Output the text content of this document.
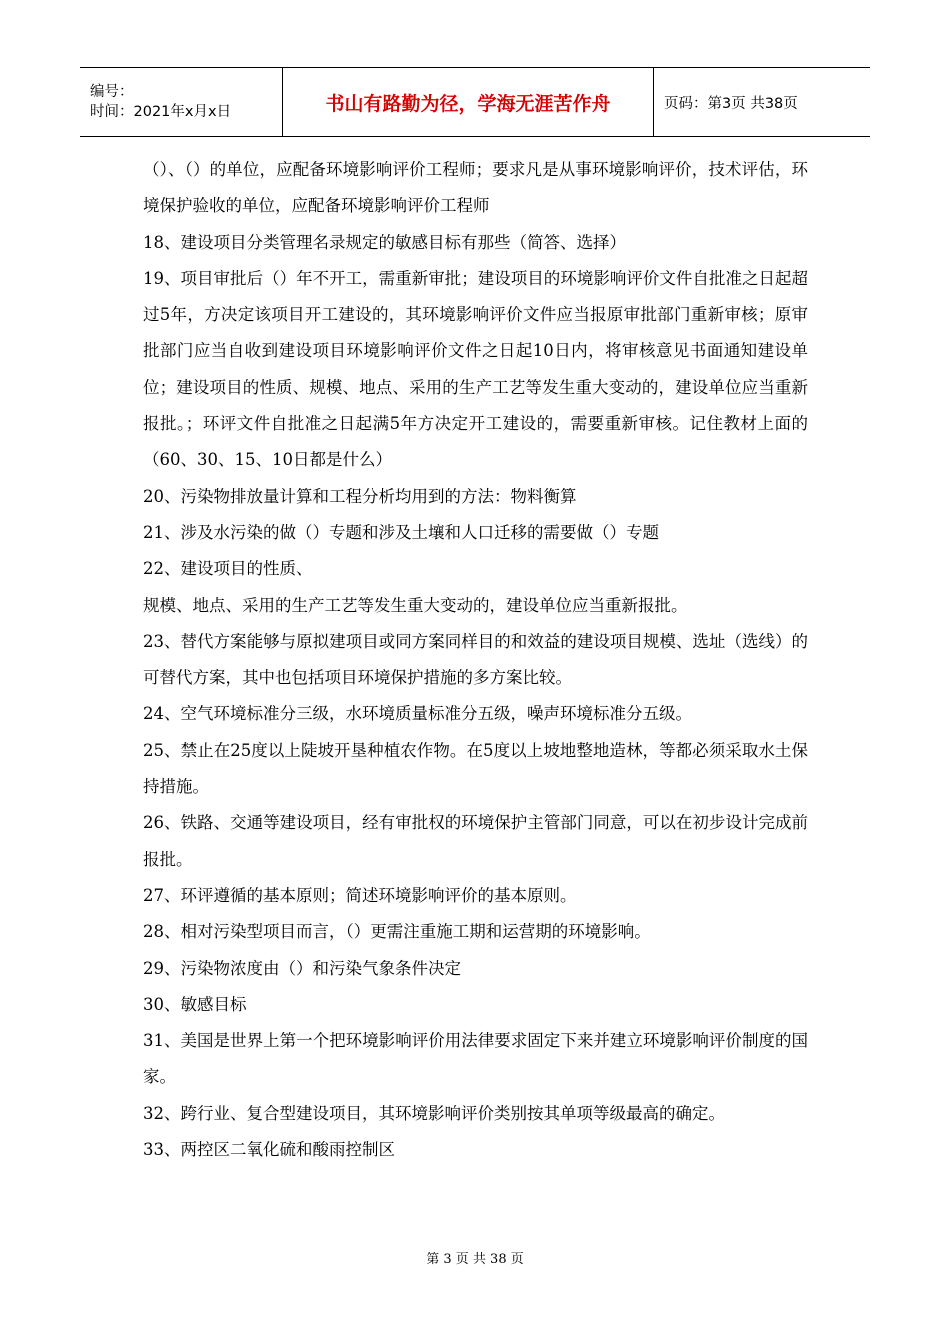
编号：
时间：2021年x月x日	书山有路勤为径，学海无涯苦作舟	页码：第3页 共38页

（）、（）的单位，应配备环境影响评价工程师；要求凡是从事环境影响评价，技术评估，环境保护验收的单位，应配备环境影响评价工程师

18、建设项目分类管理名录规定的敏感目标有那些（简答、选择）

19、项目审批后（）年不开工，需重新审批；建设项目的环境影响评价文件自批准之日起超过5年，方决定该项目开工建设的，其环境影响评价文件应当报原审批部门重新审核；原审批部门应当自收到建设项目环境影响评价文件之日起10日内，将审核意见书面通知建设单位；建设项目的性质、规模、地点、采用的生产工艺等发生重大变动的，建设单位应当重新报批。；环评文件自批准之日起满5年方决定开工建设的，需要重新审核。记住教材上面的（60、30、15、10日都是什么）

20、污染物排放量计算和工程分析均用到的方法：物料衡算

21、涉及水污染的做（）专题和涉及土壤和人口迁移的需要做（）专题

22、建设项目的性质、

规模、地点、采用的生产工艺等发生重大变动的，建设单位应当重新报批。

23、替代方案能够与原拟建项目或同方案同样目的和效益的建设项目规模、选址（选线）的可替代方案，其中也包括项目环境保护措施的多方案比较。

24、空气环境标准分三级，水环境质量标准分五级，噪声环境标准分五级。

25、禁止在25度以上陡坡开垦种植农作物。在5度以上坡地整地造林，等都必须采取水土保持措施。

26、铁路、交通等建设项目，经有审批权的环境保护主管部门同意，可以在初步设计完成前报批。

27、环评遵循的基本原则；简述环境影响评价的基本原则。

28、相对污染型项目而言，（）更需注重施工期和运营期的环境影响。

29、污染物浓度由（）和污染气象条件决定

30、敏感目标

31、美国是世界上第一个把环境影响评价用法律要求固定下来并建立环境影响评价制度的国家。

32、跨行业、复合型建设项目，其环境影响评价类别按其单项等级最高的确定。

33、两控区二氧化硫和酸雨控制区

第 3 页 共 38 页
